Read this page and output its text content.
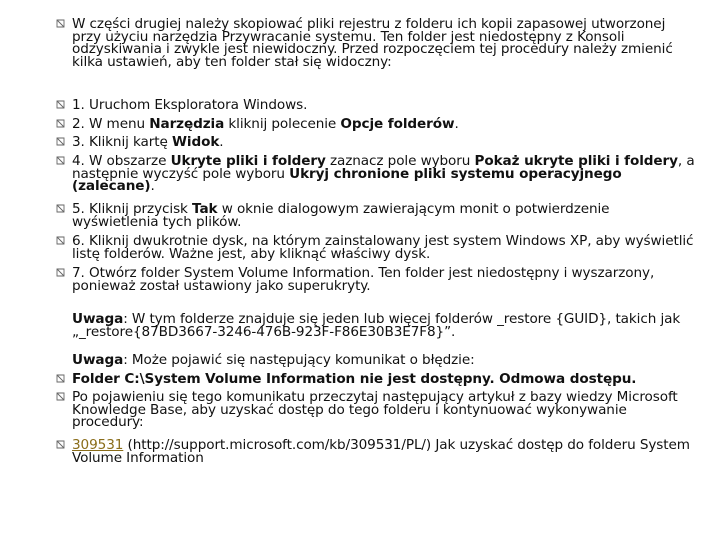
W części drugiej należy skopiować pliki rejestru z folderu ich kopii zapasowej utworzonej przy użyciu narzędzia Przywracanie systemu. Ten folder jest niedostępny z Konsoli odzyskiwania i zwykle jest niewidoczny. Przed rozpoczęciem tej procedury należy zmienić kilka ustawień, aby ten folder stał się widoczny:
1. Uruchom Eksploratora Windows.
2. W menu Narzędzia kliknij polecenie Opcje folderów.
3. Kliknij kartę Widok.
4. W obszarze Ukryte pliki i foldery zaznacz pole wyboru Pokaż ukryte pliki i foldery, a następnie wyczyść pole wyboru Ukryj chronione pliki systemu operacyjnego (zalecane).
5. Kliknij przycisk Tak w oknie dialogowym zawierającym monit o potwierdzenie wyświetlenia tych plików.
6. Kliknij dwukrotnie dysk, na którym zainstalowany jest system Windows XP, aby wyświetlić listę folderów. Ważne jest, aby kliknąć właściwy dysk.
7. Otwórz folder System Volume Information. Ten folder jest niedostępny i wyszarzony, ponieważ został ustawiony jako superukryty.
Uwaga: W tym folderze znajduje się jeden lub więcej folderów _restore {GUID}, takich jak „_restore{87BD3667-3246-476B-923F-F86E30B3E7F8}”.
Uwaga: Może pojawić się następujący komunikat o błędzie:
Folder C:\System Volume Information nie jest dostępny. Odmowa dostępu.
Po pojawieniu się tego komunikatu przeczytaj następujący artykuł z bazy wiedzy Microsoft Knowledge Base, aby uzyskać dostęp do tego folderu i kontynuować wykonywanie procedury:
309531 (http://support.microsoft.com/kb/309531/PL/) Jak uzyskać dostęp do folderu System Volume Information
